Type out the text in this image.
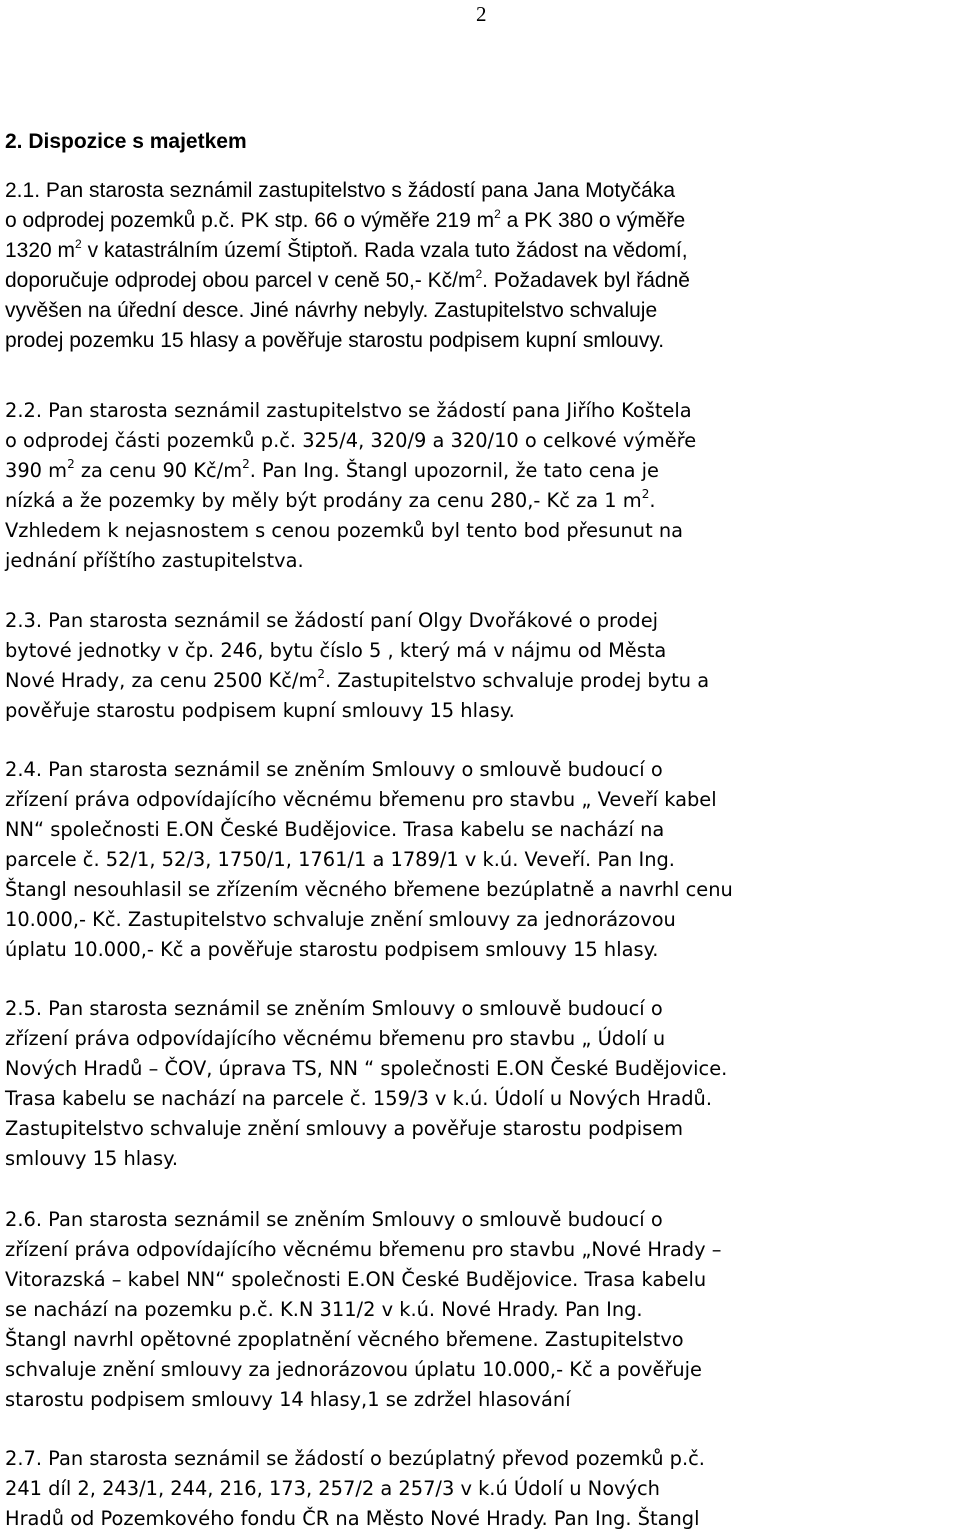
2
2. Dispozice s majetkem
2.1. Pan starosta seznámil zastupitelstvo s žádostí pana Jana Motyčáka
o odprodej pozemků p.č. PK stp. 66 o výměře 219 $m^2$ a PK 380 o výměře
1320 $m^2$ v katastrálním území Štiptoň. Rada vzala tuto žádost na vědomí,
doporučuje odprodej obou parcel v ceně 50,- $Kč/m^2$. Požadavek byl řádně
vyvěšen na úřední desce. Jiné návrhy nebyly. Zastupitelstvo schvaluje
prodej pozemku 15 hlasy a pověřuje starostu podpisem kupní smlouvy.
2.2. Pan starosta seznámil zastupitelstvo se žádostí pana Jiřího Koštela
o odprodej části pozemků p.č. 325/4, 320/9 a 320/10 o celkové výměře
390 $m^2$ za cenu 90 $Kč/m^2$. Pan Ing. Štangl upozornil, že tato cena je
nízká a že pozemky by měly být prodány za cenu 280,- Kč za 1 $m^2$.
Vzhledem k nejasnostem s cenou pozemků byl tento bod přesunut na
jednání příštího zastupitelstva.
2.3. Pan starosta seznámil se žádostí paní Olgy Dvořákové o prodej
bytové jednotky v čp. 246, bytu číslo 5 , který má v nájmu od Města
Nové Hrady, za cenu 2500 $Kč/m^2$. Zastupitelstvo schvaluje prodej bytu a
pověřuje starostu podpisem kupní smlouvy 15 hlasy.
2.4. Pan starosta seznámil se zněním Smlouvy o smlouvě budoucí o
zřízení práva odpovídajícího věcnému břemenu pro stavbu „ Veveří kabel
NN“ společnosti E.ON České Budějovice. Trasa kabelu se nachází na
parcele č. 52/1, 52/3, 1750/1, 1761/1 a 1789/1 v k.ú. Veveří. Pan Ing.
Štangl nesouhlasil se zřízením věcného břemene bezúplatně a navrhl cenu
10.000,- Kč. Zastupitelstvo schvaluje znění smlouvy za jednorázovou
úplatu 10.000,- Kč a pověřuje starostu podpisem smlouvy 15 hlasy.
2.5. Pan starosta seznámil se zněním Smlouvy o smlouvě budoucí o
zřízení práva odpovídajícího věcnému břemenu pro stavbu „ Údolí u
Nových Hradů – ČOV, úprava TS, NN “ společnosti E.ON České Budějovice.
Trasa kabelu se nachází na parcele č. 159/3 v k.ú. Údolí u Nových Hradů.
Zastupitelstvo schvaluje znění smlouvy a pověřuje starostu podpisem
smlouvy 15 hlasy.
2.6. Pan starosta seznámil se zněním Smlouvy o smlouvě budoucí o
zřízení práva odpovídajícího věcnému břemenu pro stavbu „Nové Hrady –
Vitorazská – kabel NN“ společnosti E.ON České Budějovice. Trasa kabelu
se nachází na pozemku p.č. K.N 311/2 v k.ú. Nové Hrady. Pan Ing.
Štangl navrhl opětovné zpoplatnění věcného břemene. Zastupitelstvo
schvaluje znění smlouvy za jednorázovou úplatu 10.000,- Kč a pověřuje
starostu podpisem smlouvy 14 hlasy,1 se zdržel hlasování
2.7. Pan starosta seznámil se žádostí o bezúplatný převod pozemků p.č.
241 díl 2, 243/1, 244, 216, 173, 257/2 a 257/3 v k.ú Údolí u Nových
Hradů od Pozemkového fondu ČR na Město Nové Hrady. Pan Ing. Štangl
